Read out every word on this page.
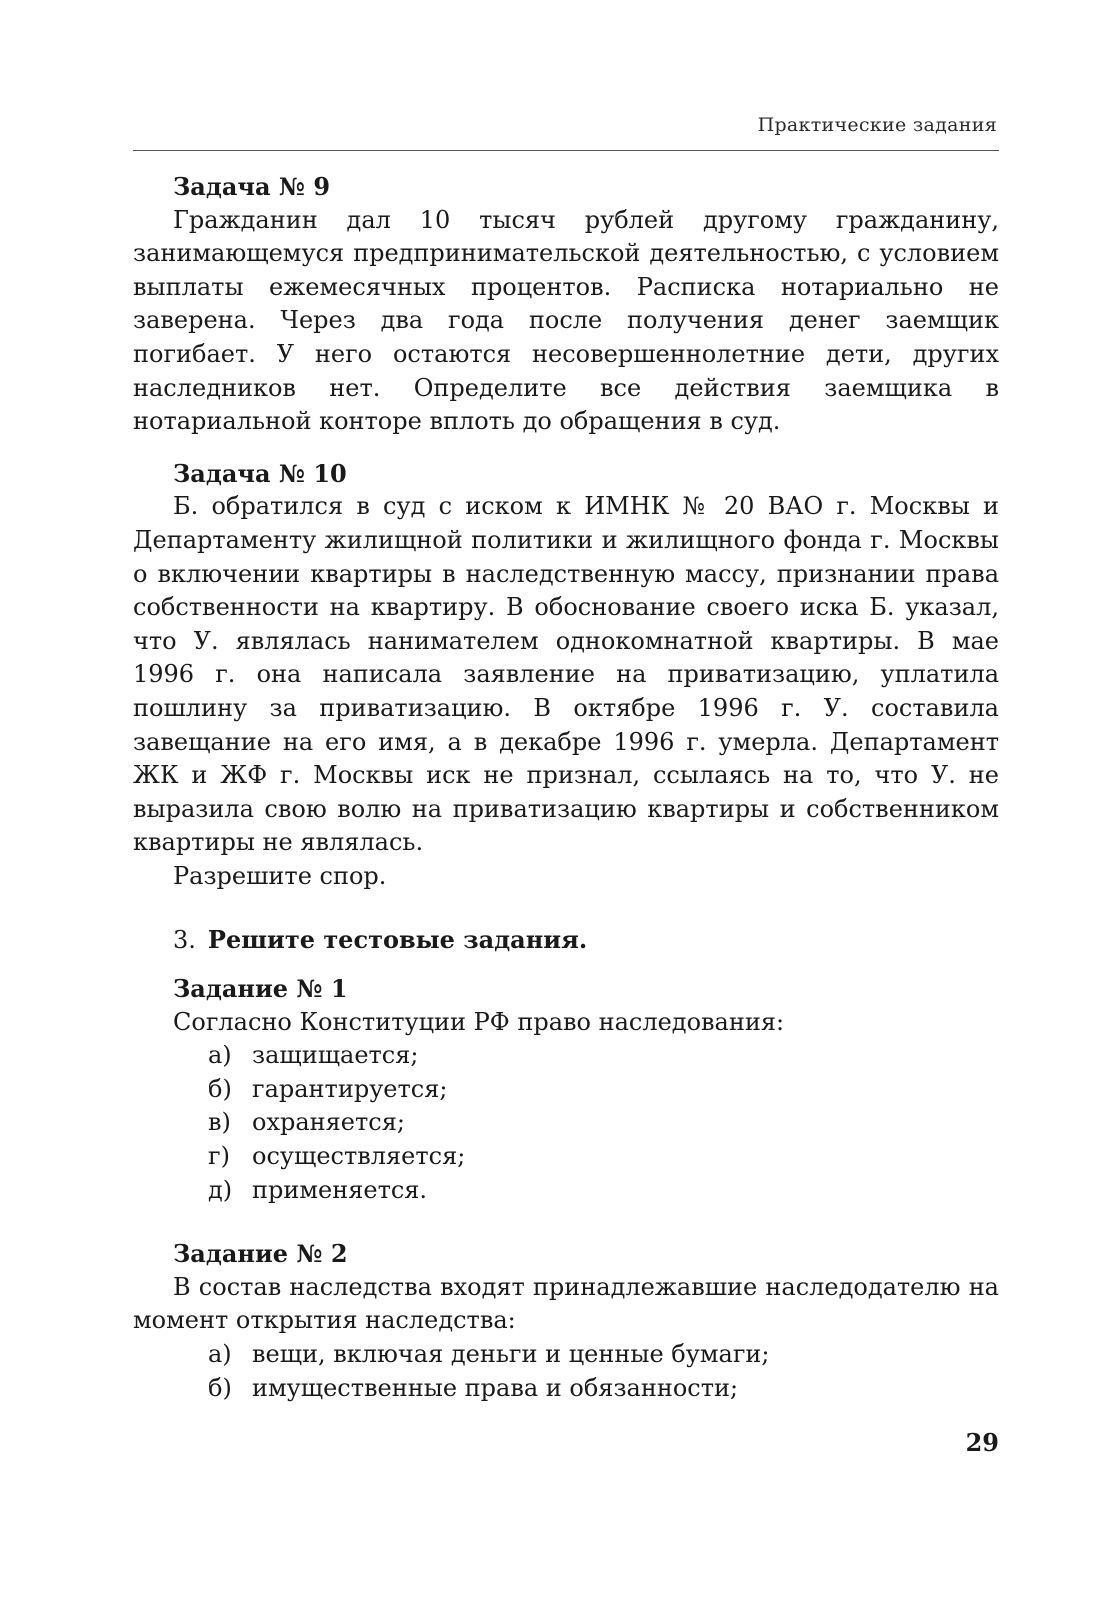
Практические задания

Задача № 9

Гражданин дал 10 тысяч рублей другому гражданину, занимающемуся предпринимательской деятельностью, с условием выплаты ежемесячных процентов. Расписка нотариально не заверена. Через два года после получения денег заемщик погибает. У него остаются несовершеннолетние дети, других наследников нет. Определите все действия заемщика в нотариальной конторе вплоть до обращения в суд.

Задача № 10

Б. обратился в суд с иском к ИМНК № 20 ВАО г. Москвы и Департаменту жилищной политики и жилищного фонда г. Москвы о включении квартиры в наследственную массу, признании права собственности на квартиру. В обоснование своего иска Б. указал, что У. являлась нанимателем однокомнатной квартиры. В мае 1996 г. она написала заявление на приватизацию, уплатила пошлину за приватизацию. В октябре 1996 г. У. составила завещание на его имя, а в декабре 1996 г. умерла. Департамент ЖК и ЖФ г. Москвы иск не признал, ссылаясь на то, что У. не выразила свою волю на приватизацию квартиры и собственником квартиры не являлась.

Разрешите спор.

3. Решите тестовые задания.

Задание № 1

Согласно Конституции РФ право наследования:

а) защищается;
б) гарантируется;
в) охраняется;
г) осуществляется;
д) применяется.

Задание № 2

В состав наследства входят принадлежавшие наследодателю на момент открытия наследства:

а) вещи, включая деньги и ценные бумаги;
б) имущественные права и обязанности;
29
